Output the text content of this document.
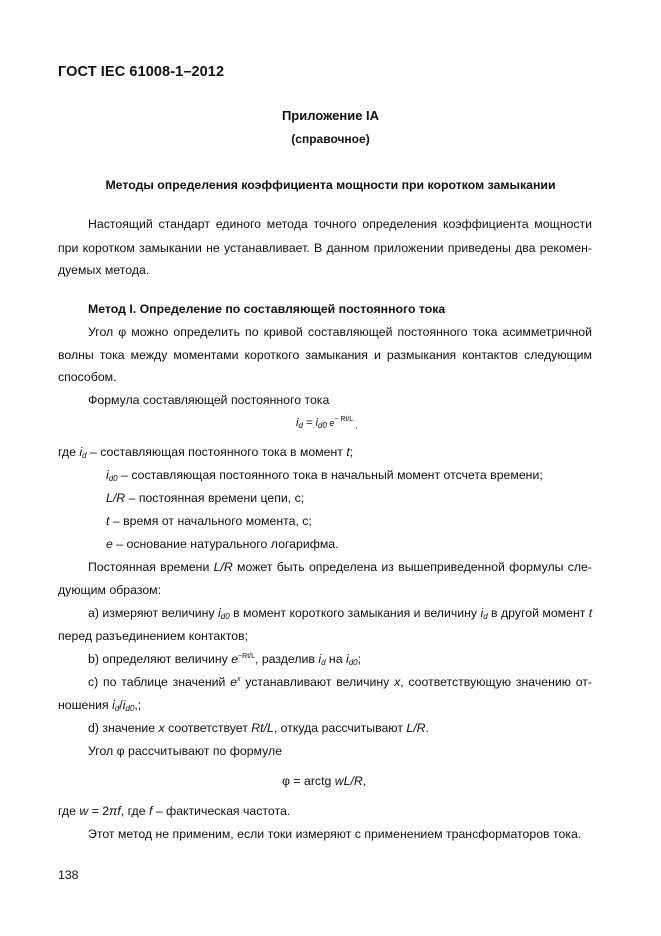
ГОСТ IEC 61008-1–2012
Приложение IA
(справочное)
Методы определения коэффициента мощности при коротком замыкании
Настоящий стандарт единого метода точного определения коэффициента мощности
при коротком замыкании не устанавливает. В данном приложении приведены два рекомен-
дуемых метода.
Метод I. Определение по составляющей постоянного тока
Угол φ можно определить по кривой составляющей постоянного тока асимметричной
волны тока между моментами короткого замыкания и размыкания контактов следующим
способом.
Формула составляющей постоянного тока
$i_d = i_{d0}$ $e^{- Rt/L}$ $_,$
где $i_d$ – составляющая постоянного тока в момент t;
$i_{d0}$ – составляющая постоянного тока в начальный момент отсчета времени;
L/R – постоянная времени цепи, с;
t – время от начального момента, с;
e – основание натурального логарифма.
Постоянная времени L/R может быть определена из вышеприведенной формулы сле-
дующим образом:
a) измеряют величину $i_{d0}$ в момент короткого замыкания и величину $i_d$ в другой момент t
перед разъединением контактов;
b) определяют величину $e^{-Rt/L}$, разделив $i_d$ на $i_{d0}$;
c) по таблице значений $e^x$ устанавливают величину x, соответствующую значению от-
ношения $i_d/i_{d0}$,;
d) значение x соответствует Rt/L, откуда рассчитывают L/R.
Угол φ рассчитывают по формуле
φ = arctg wL/R,
где w = 2πf, где f – фактическая частота.
Этот метод не применим, если токи измеряют с применением трансформаторов тока.
138
